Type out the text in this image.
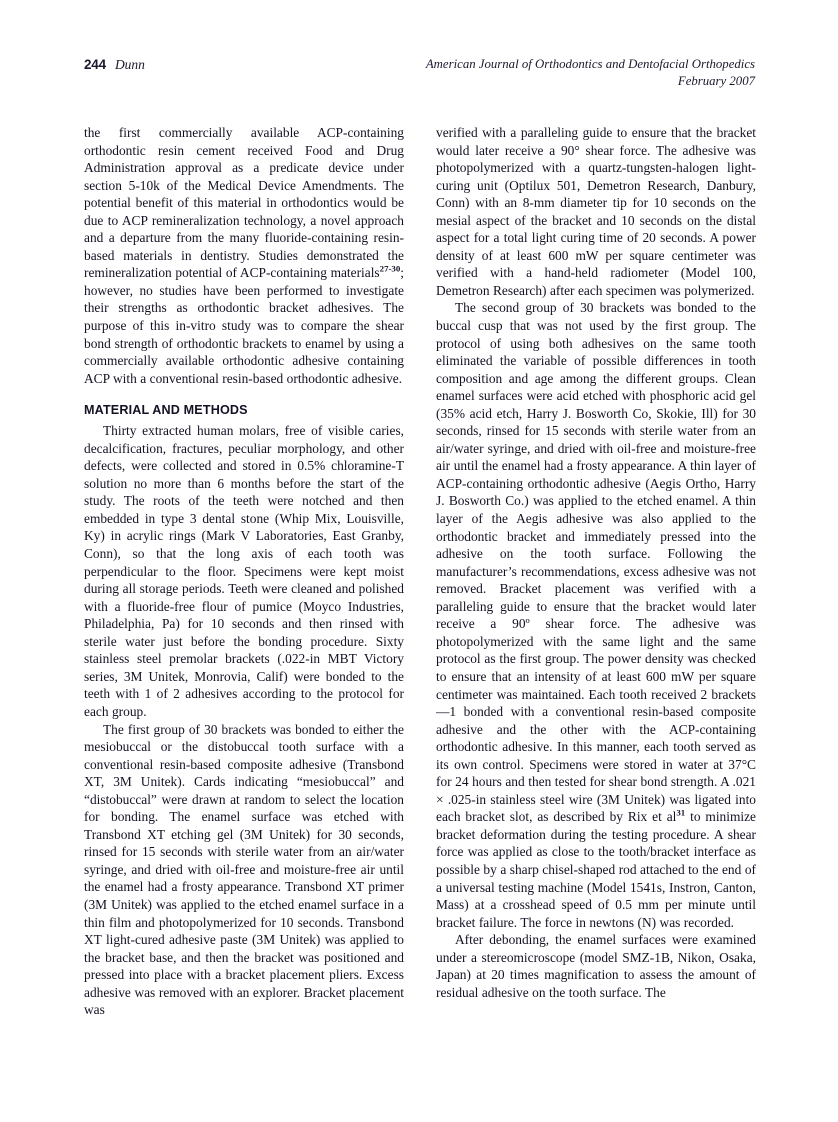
244 Dunn	American Journal of Orthodontics and Dentofacial Orthopedics
February 2007

the first commercially available ACP-containing orthodontic resin cement received Food and Drug Administration approval as a predicate device under section 5-10k of the Medical Device Amendments. The potential benefit of this material in orthodontics would be due to ACP remineralization technology, a novel approach and a departure from the many fluoride-containing resin-based materials in dentistry. Studies demonstrated the remineralization potential of ACP-containing materials$^{27-30}$; however, no studies have been performed to investigate their strengths as orthodontic bracket adhesives. The purpose of this in-vitro study was to compare the shear bond strength of orthodontic brackets to enamel by using a commercially available orthodontic adhesive containing ACP with a conventional resin-based orthodontic adhesive.

MATERIAL AND METHODS

Thirty extracted human molars, free of visible caries, decalcification, fractures, peculiar morphology, and other defects, were collected and stored in 0.5% chloramine-T solution no more than 6 months before the start of the study. The roots of the teeth were notched and then embedded in type 3 dental stone (Whip Mix, Louisville, Ky) in acrylic rings (Mark V Laboratories, East Granby, Conn), so that the long axis of each tooth was perpendicular to the floor. Specimens were kept moist during all storage periods. Teeth were cleaned and polished with a fluoride-free flour of pumice (Moyco Industries, Philadelphia, Pa) for 10 seconds and then rinsed with sterile water just before the bonding procedure. Sixty stainless steel premolar brackets (.022-in MBT Victory series, 3M Unitek, Monrovia, Calif) were bonded to the teeth with 1 of 2 adhesives according to the protocol for each group.

The first group of 30 brackets was bonded to either the mesiobuccal or the distobuccal tooth surface with a conventional resin-based composite adhesive (Transbond XT, 3M Unitek). Cards indicating “mesiobuccal” and “distobuccal” were drawn at random to select the location for bonding. The enamel surface was etched with Transbond XT etching gel (3M Unitek) for 30 seconds, rinsed for 15 seconds with sterile water from an air/water syringe, and dried with oil-free and moisture-free air until the enamel had a frosty appearance. Transbond XT primer (3M Unitek) was applied to the etched enamel surface in a thin film and photopolymerized for 10 seconds. Transbond XT light-cured adhesive paste (3M Unitek) was applied to the bracket base, and then the bracket was positioned and pressed into place with a bracket placement pliers. Excess adhesive was removed with an explorer. Bracket placement was

verified with a paralleling guide to ensure that the bracket would later receive a 90° shear force. The adhesive was photopolymerized with a quartz-tungsten-halogen light-curing unit (Optilux 501, Demetron Research, Danbury, Conn) with an 8-mm diameter tip for 10 seconds on the mesial aspect of the bracket and 10 seconds on the distal aspect for a total light curing time of 20 seconds. A power density of at least 600 mW per square centimeter was verified with a hand-held radiometer (Model 100, Demetron Research) after each specimen was polymerized.

The second group of 30 brackets was bonded to the buccal cusp that was not used by the first group. The protocol of using both adhesives on the same tooth eliminated the variable of possible differences in tooth composition and age among the different groups. Clean enamel surfaces were acid etched with phosphoric acid gel (35% acid etch, Harry J. Bosworth Co, Skokie, Ill) for 30 seconds, rinsed for 15 seconds with sterile water from an air/water syringe, and dried with oil-free and moisture-free air until the enamel had a frosty appearance. A thin layer of ACP-containing orthodontic adhesive (Aegis Ortho, Harry J. Bosworth Co.) was applied to the etched enamel. A thin layer of the Aegis adhesive was also applied to the orthodontic bracket and immediately pressed into the adhesive on the tooth surface. Following the manufacturer’s recommendations, excess adhesive was not removed. Bracket placement was verified with a paralleling guide to ensure that the bracket would later receive a 90º shear force. The adhesive was photopolymerized with the same light and the same protocol as the first group. The power density was checked to ensure that an intensity of at least 600 mW per square centimeter was maintained. Each tooth received 2 brackets—1 bonded with a conventional resin-based composite adhesive and the other with the ACP-containing orthodontic adhesive. In this manner, each tooth served as its own control. Specimens were stored in water at 37°C for 24 hours and then tested for shear bond strength. A .021 × .025-in stainless steel wire (3M Unitek) was ligated into each bracket slot, as described by Rix et $al^{31}$ to minimize bracket deformation during the testing procedure. A shear force was applied as close to the tooth/bracket interface as possible by a sharp chisel-shaped rod attached to the end of a universal testing machine (Model 1541s, Instron, Canton, Mass) at a crosshead speed of 0.5 mm per minute until bracket failure. The force in newtons (N) was recorded.

After debonding, the enamel surfaces were examined under a stereomicroscope (model SMZ-1B, Nikon, Osaka, Japan) at 20 times magnification to assess the amount of residual adhesive on the tooth surface. The
